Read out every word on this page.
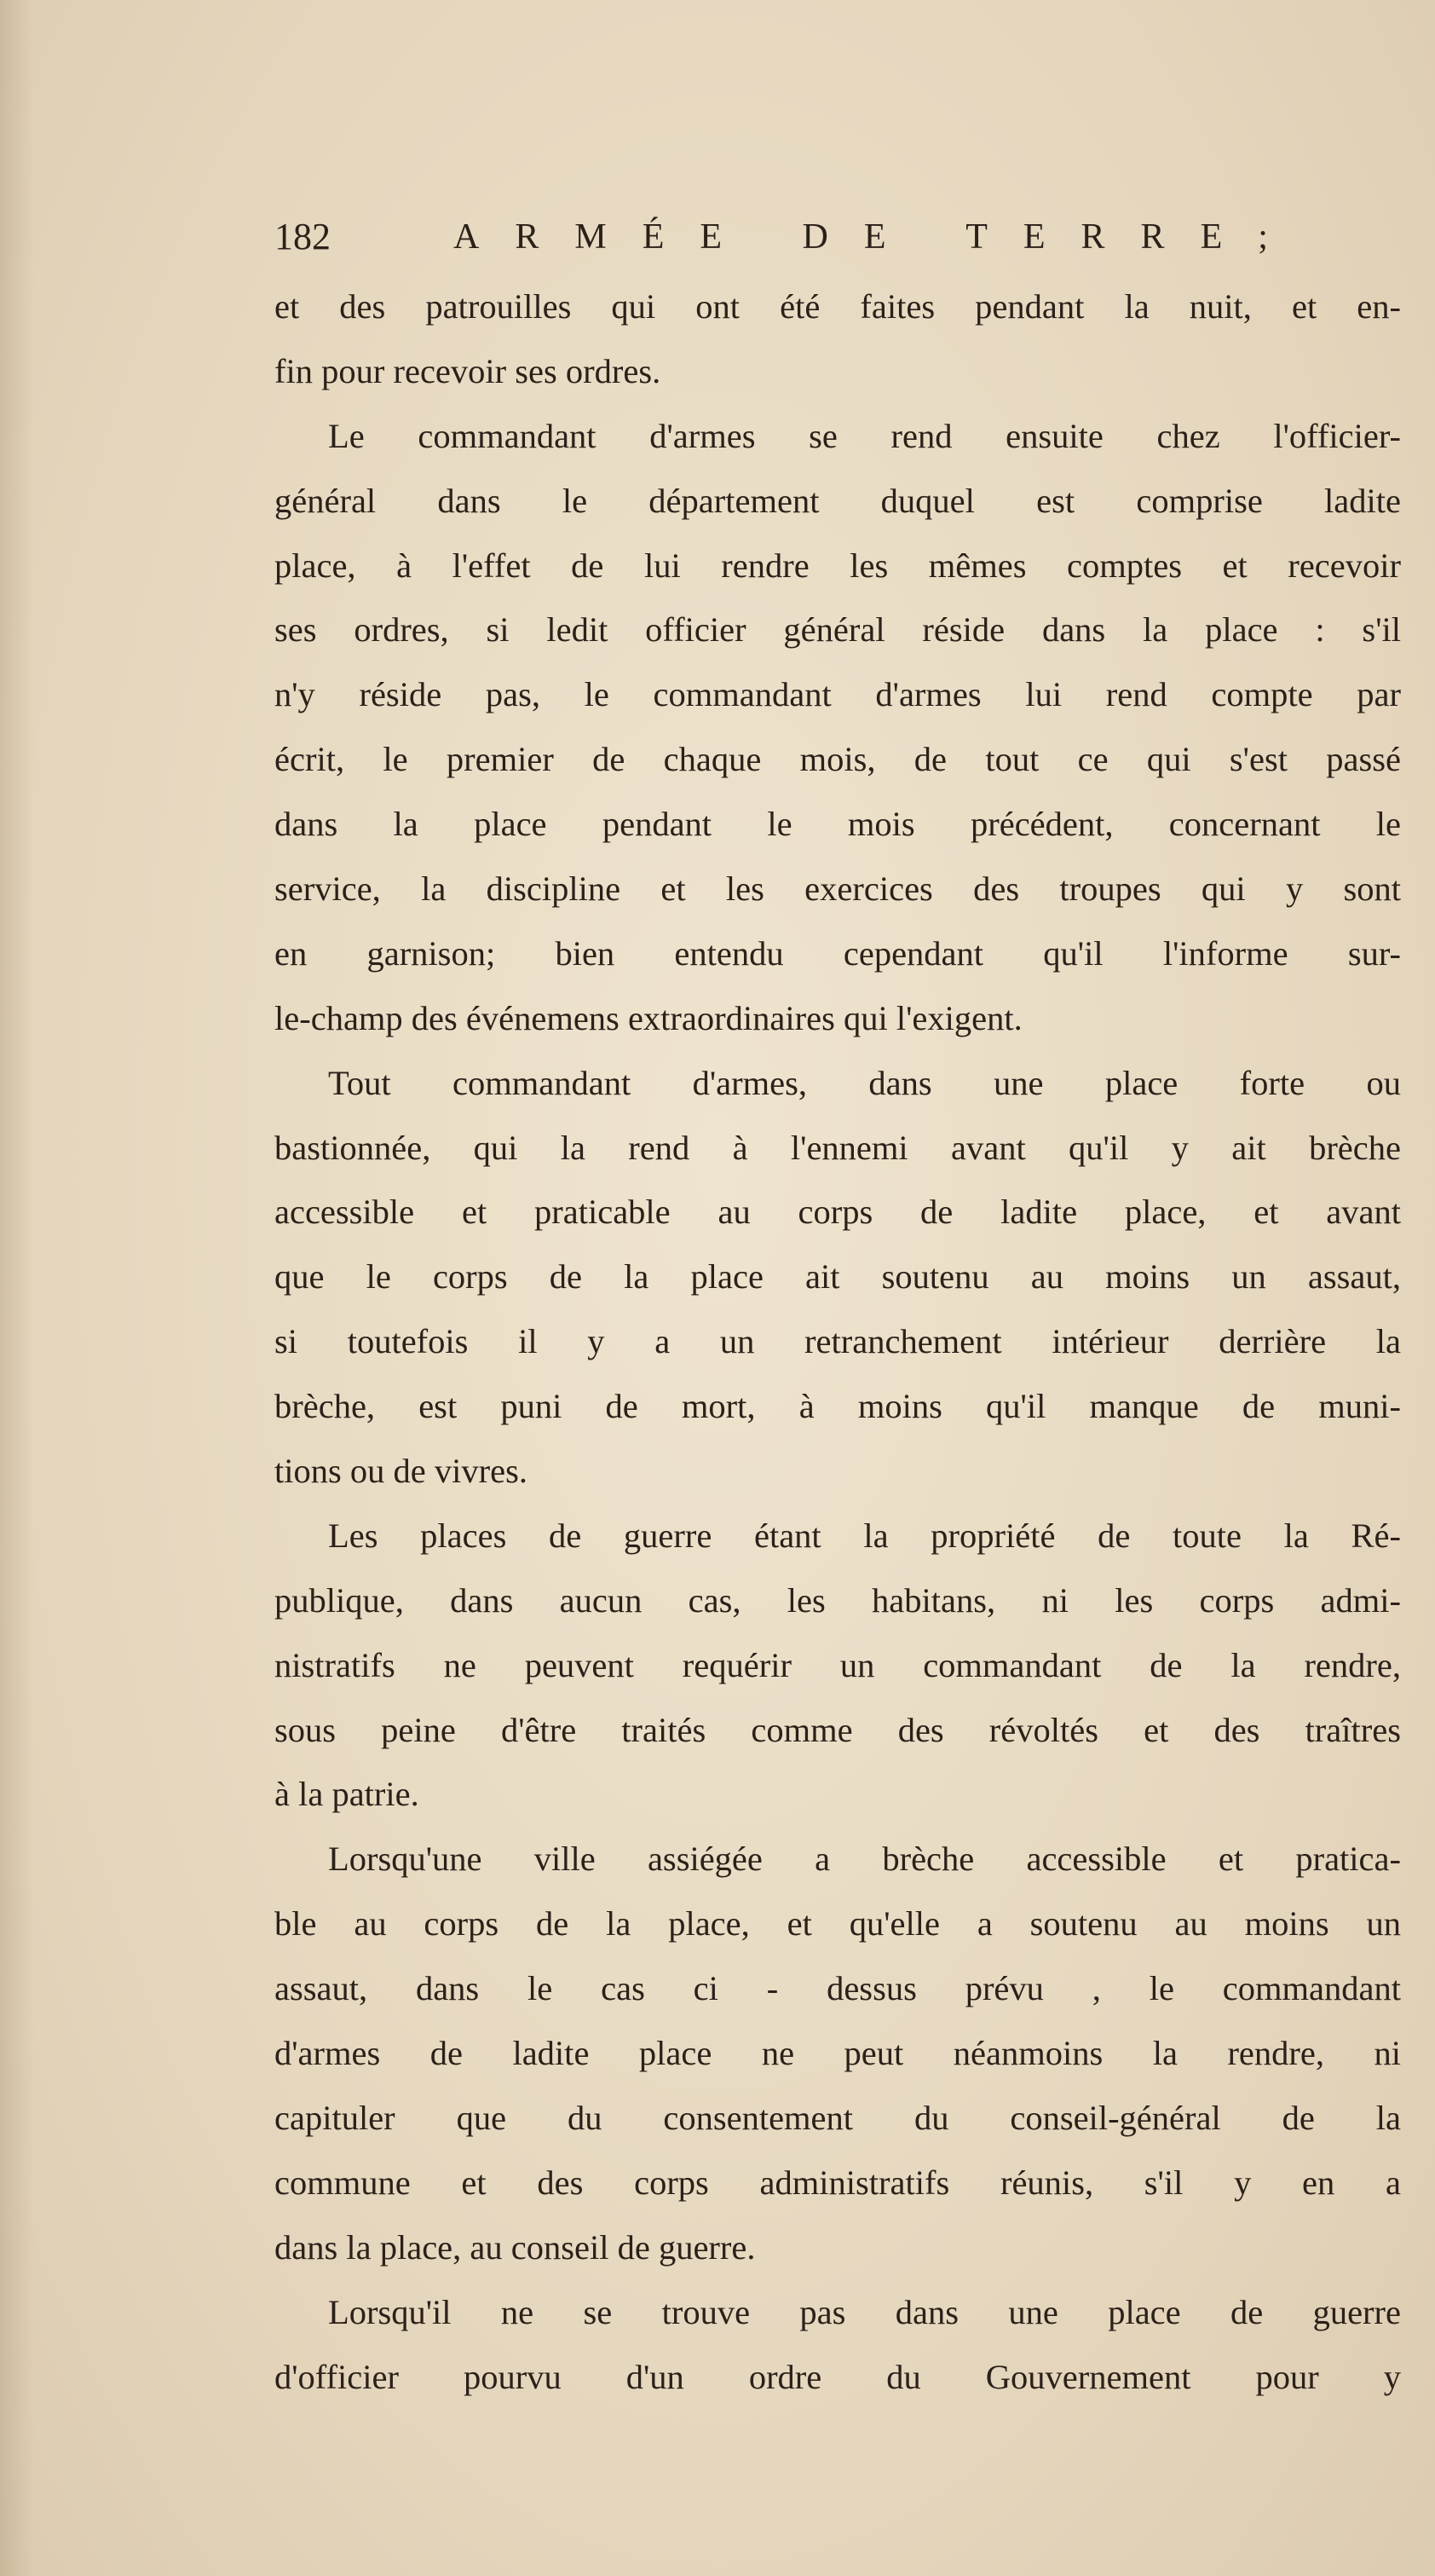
182	ARMÉE DE TERRE;
et des patrouilles qui ont été faites pendant la nuit, et en-
fin pour recevoir ses ordres.
Le commandant d'armes se rend ensuite chez l'officier-
général dans le département duquel est comprise ladite
place, à l'effet de lui rendre les mêmes comptes et recevoir
ses ordres, si ledit officier général réside dans la place : s'il
n'y réside pas, le commandant d'armes lui rend compte par
écrit, le premier de chaque mois, de tout ce qui s'est passé
dans la place pendant le mois précédent, concernant le
service, la discipline et les exercices des troupes qui y sont
en garnison; bien entendu cependant qu'il l'informe sur-
le-champ des événemens extraordinaires qui l'exigent.
Tout commandant d'armes, dans une place forte ou
bastionnée, qui la rend à l'ennemi avant qu'il y ait brèche
accessible et praticable au corps de ladite place, et avant
que le corps de la place ait soutenu au moins un assaut,
si toutefois il y a un retranchement intérieur derrière la
brèche, est puni de mort, à moins qu'il manque de muni-
tions ou de vivres.
Les places de guerre étant la propriété de toute la Ré-
publique, dans aucun cas, les habitans, ni les corps admi-
nistratifs ne peuvent requérir un commandant de la rendre,
sous peine d'être traités comme des révoltés et des traîtres
à la patrie.
Lorsqu'une ville assiégée a brèche accessible et pratica-
ble au corps de la place, et qu'elle a soutenu au moins un
assaut, dans le cas ci - dessus prévu , le commandant
d'armes de ladite place ne peut néanmoins la rendre, ni
capituler que du consentement du conseil-général de la
commune et des corps administratifs réunis, s'il y en a
dans la place, au conseil de guerre.
Lorsqu'il ne se trouve pas dans une place de guerre
d'officier pourvu d'un ordre du Gouvernement pour y
